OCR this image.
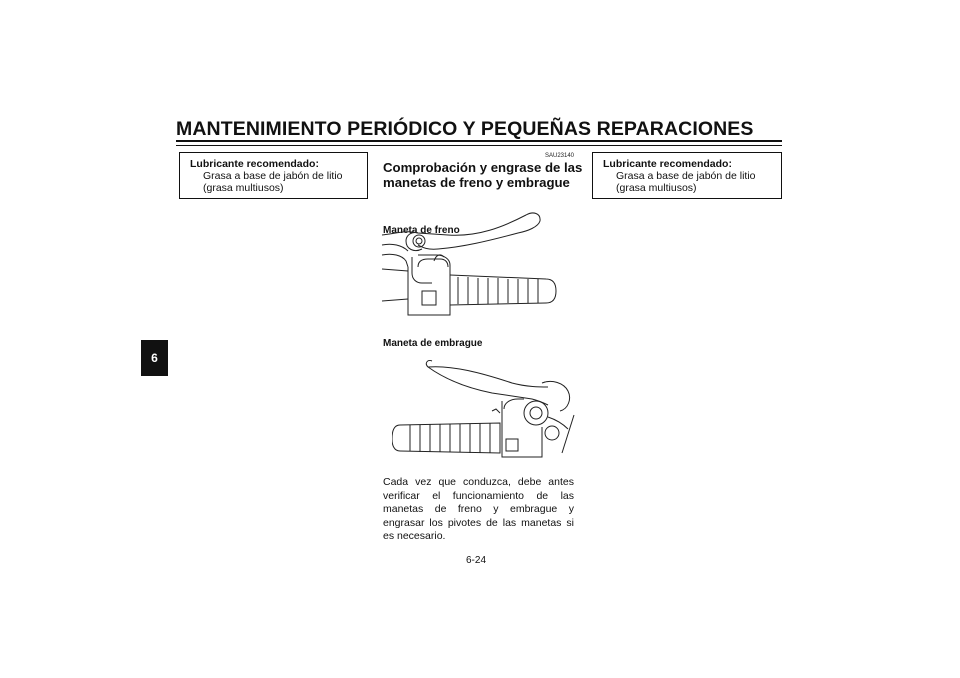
MANTENIMIENTO PERIÓDICO Y PEQUEÑAS REPARACIONES
6
Lubricante recomendado:
Grasa a base de jabón de litio (grasa multiusos)
SAU23140
Comprobación y engrase de las manetas de freno y embrague
Maneta de freno
Maneta de embrague
Cada vez que conduzca, debe antes verificar el funcionamiento de las manetas de freno y embrague y engrasar los pivotes de las manetas si es necesario.
Lubricante recomendado:
Grasa a base de jabón de litio (grasa multiusos)
6-24
